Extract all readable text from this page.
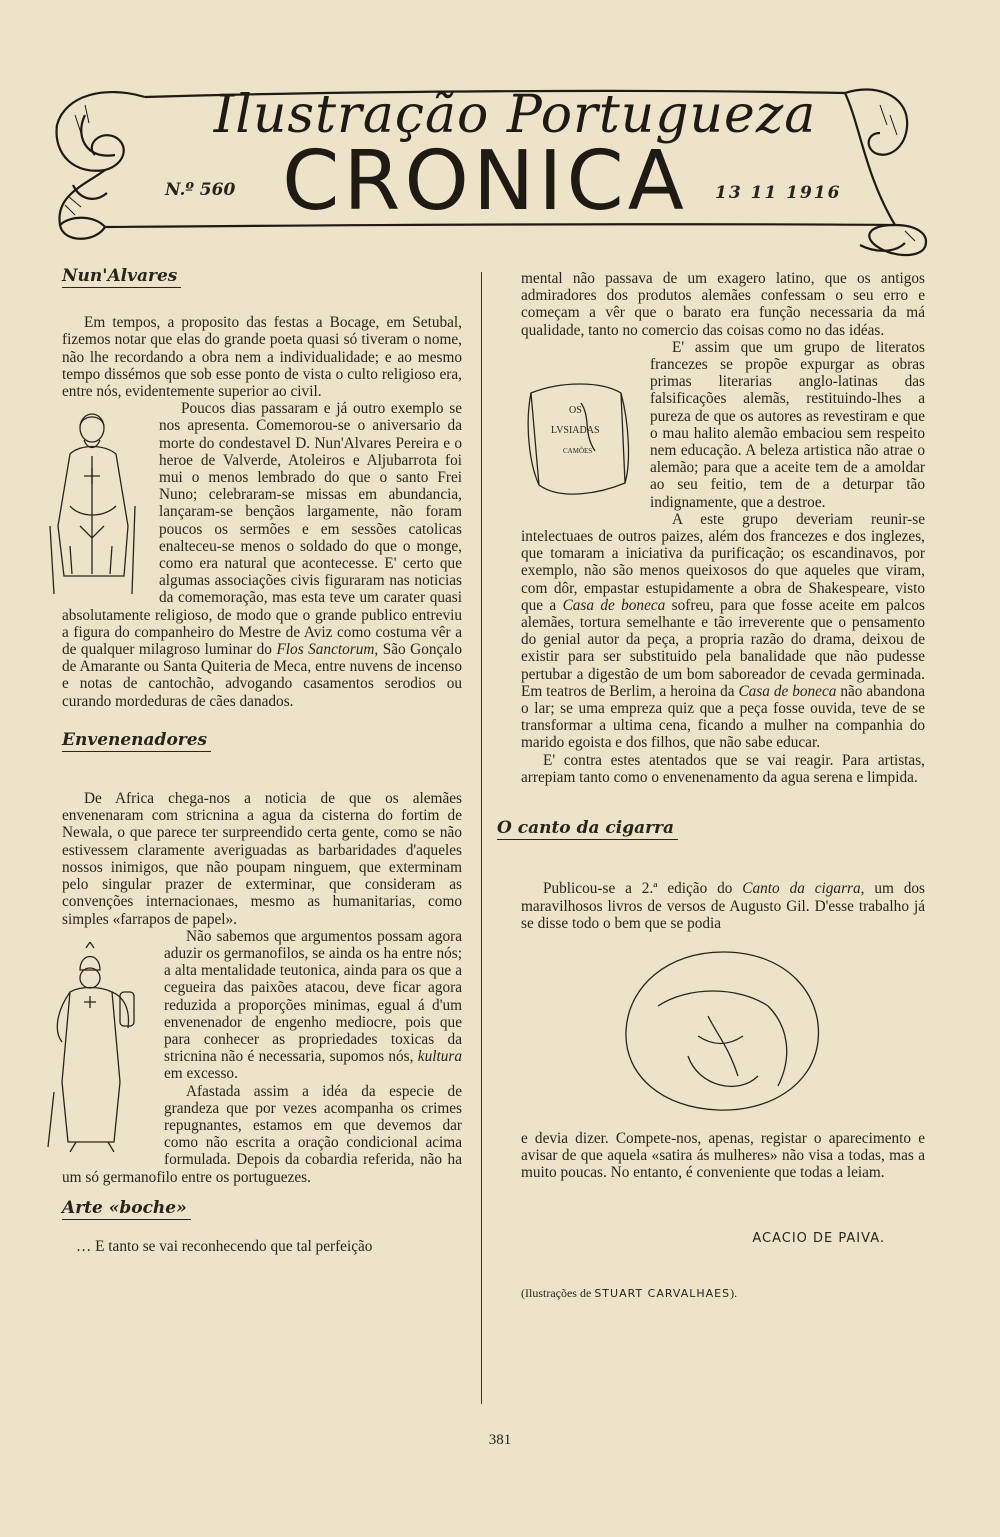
Ilustração Portugueza
CRONICA
N.º 560	13 11 1916
Nun'Alvares

Em tempos, a proposito das festas a Bocage, em Setubal, fizemos notar que elas do grande poeta quasi só tiveram o nome, não lhe recordando a obra nem a individualidade; e ao mesmo tempo dissémos que sob esse ponto de vista o culto religioso era, entre nós, evidentemente superior ao civil.

Poucos dias passaram e já outro exemplo se nos apresenta. Comemorou-se o aniversario da morte do condestavel D. Nun'Alvares Pereira e o heroe de Valverde, Atoleiros e Aljubarrota foi mui o menos lembrado do que o santo Frei Nuno; celebraram-se missas em abundancia, lançaram-se bençãos largamente, não foram poucos os sermões e em sessões catolicas enalteceu-se menos o soldado do que o monge, como era natural que acontecesse. E' certo que algumas associações civis figuraram nas noticias da comemoração, mas esta teve um carater quasi absolutamente religioso, de modo que o grande publico entreviu a figura do companheiro do Mestre de Aviz como costuma vêr a de qualquer milagroso luminar do Flos Sanctorum, São Gonçalo de Amarante ou Santa Quiteria de Meca, entre nuvens de incenso e notas de cantochão, advogando casamentos serodios ou curando mordeduras de cães danados.

Envenenadores

De Africa chega-nos a noticia de que os alemães envenenaram com stricnina a agua da cisterna do fortim de Newala, o que parece ter surpreendido certa gente, como se não estivessem claramente averiguadas as barbaridades d'aqueles nossos inimigos, que não poupam ninguem, que exterminam pelo singular prazer de exterminar, que consideram as convenções internacionaes, mesmo as humanitarias, como simples «farrapos de papel».

Não sabemos que argumentos possam agora aduzir os germanofilos, se ainda os ha entre nós; a alta mentalidade teutonica, ainda para os que a cegueira das paixões atacou, deve ficar agora reduzida a proporções minimas, egual á d'um envenenador de engenho mediocre, pois que para conhecer as propriedades toxicas da stricnina não é necessaria, supomos nós, kultura em excesso.

Afastada assim a idéa da especie de grandeza que por vezes acompanha os crimes repugnantes, estamos em que devemos dar como não escrita a oração condicional acima formulada. Depois da cobardia referida, não ha um só germanofilo entre os portuguezes.

Arte «boche»

… E tanto se vai reconhecendo que tal perfeição

mental não passava de um exagero latino, que os antigos admiradores dos produtos alemães confessam o seu erro e começam a vêr que o barato era função necessaria da má qualidade, tanto no comercio das coisas como no das idéas.

OS
LVSIADAS
CAMÕES
E' assim que um grupo de literatos francezes se propõe expurgar as obras primas literarias anglo-latinas das falsificações alemãs, restituindo-lhes a pureza de que os autores as revestiram e que o mau halito alemão embaciou sem respeito nem educação. A beleza artistica não atrae o alemão; para que a aceite tem de a amoldar ao seu feitio, tem de a deturpar tão indignamente, que a destroe.

A este grupo deveriam reunir-se intelectuaes de outros paizes, além dos francezes e dos inglezes, que tomaram a iniciativa da purificação; os escandinavos, por exemplo, não são menos queixosos do que aqueles que viram, com dôr, empastar estupidamente a obra de Shakespeare, visto que a Casa de boneca sofreu, para que fosse aceite em palcos alemães, tortura semelhante e tão irreverente que o pensamento do genial autor da peça, a propria razão do drama, deixou de existir para ser substituido pela banalidade que não pudesse pertubar a digestão de um bom saboreador de cevada germinada. Em teatros de Berlim, a heroina da Casa de boneca não abandona o lar; se uma empreza quiz que a peça fosse ouvida, teve de se transformar a ultima cena, ficando a mulher na companhia do marido egoista e dos filhos, que não sabe educar.

E' contra estes atentados que se vai reagir. Para artistas, arrepiam tanto como o envenenamento da agua serena e limpida.

O canto da cigarra

Publicou-se a 2.ª edição do Canto da cigarra, um dos maravilhosos livros de versos de Augusto Gil. D'esse trabalho já se disse todo o bem que se podia

e devia dizer. Compete-nos, apenas, registar o aparecimento e avisar de que aquela «satira ás mulheres» não visa a todas, mas a muito poucas. No entanto, é conveniente que todas a leiam.

ACACIO DE PAIVA.
(Ilustrações de STUART CARVALHAES).
381
